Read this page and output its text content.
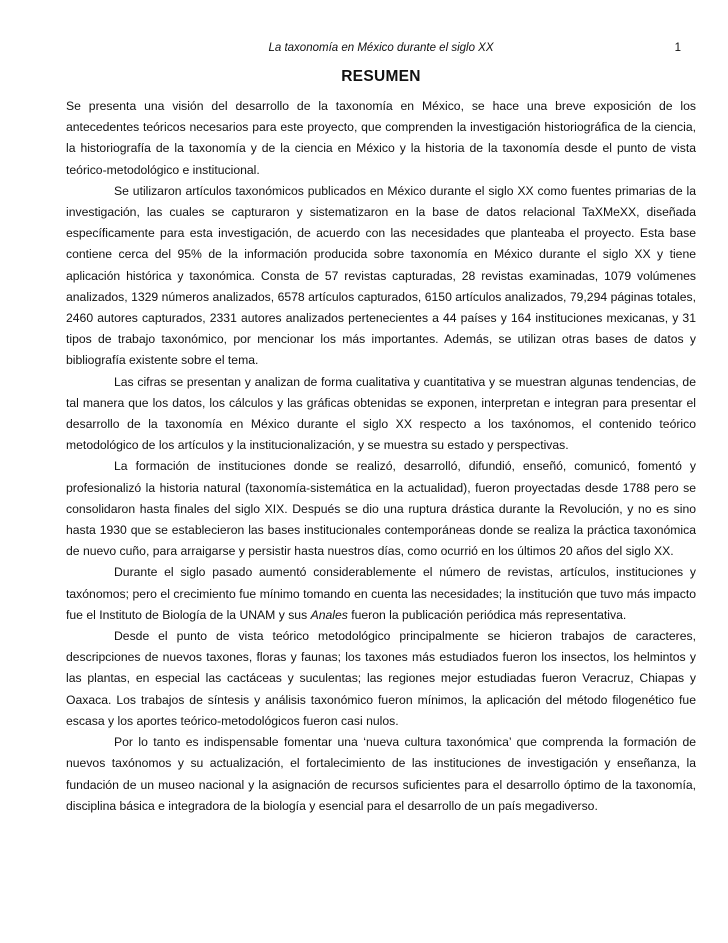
La taxonomía en México durante el siglo XX	1
RESUMEN

Se presenta una visión del desarrollo de la taxonomía en México, se hace una breve exposición de los antecedentes teóricos necesarios para este proyecto, que comprenden la investigación historiográfica de la ciencia, la historiografía de la taxonomía y de la ciencia en México y la historia de la taxonomía desde el punto de vista teórico-metodológico e institucional.

Se utilizaron artículos taxonómicos publicados en México durante el siglo XX como fuentes primarias de la investigación, las cuales se capturaron y sistematizaron en la base de datos relacional TaXMeXX, diseñada específicamente para esta investigación, de acuerdo con las necesidades que planteaba el proyecto. Esta base contiene cerca del 95% de la información producida sobre taxonomía en México durante el siglo XX y tiene aplicación histórica y taxonómica. Consta de 57 revistas capturadas, 28 revistas examinadas, 1079 volúmenes analizados, 1329 números analizados, 6578 artículos capturados, 6150 artículos analizados, 79,294 páginas totales, 2460 autores capturados, 2331 autores analizados pertenecientes a 44 países y 164 instituciones mexicanas, y 31 tipos de trabajo taxonómico, por mencionar los más importantes. Además, se utilizan otras bases de datos y bibliografía existente sobre el tema.

Las cifras se presentan y analizan de forma cualitativa y cuantitativa y se muestran algunas tendencias, de tal manera que los datos, los cálculos y las gráficas obtenidas se exponen, interpretan e integran para presentar el desarrollo de la taxonomía en México durante el siglo XX respecto a los taxónomos, el contenido teórico metodológico de los artículos y la institucionalización, y se muestra su estado y perspectivas.

La formación de instituciones donde se realizó, desarrolló, difundió, enseñó, comunicó, fomentó y profesionalizó la historia natural (taxonomía-sistemática en la actualidad), fueron proyectadas desde 1788 pero se consolidaron hasta finales del siglo XIX. Después se dio una ruptura drástica durante la Revolución, y no es sino hasta 1930 que se establecieron las bases institucionales contemporáneas donde se realiza la práctica taxonómica de nuevo cuño, para arraigarse y persistir hasta nuestros días, como ocurrió en los últimos 20 años del siglo XX.

Durante el siglo pasado aumentó considerablemente el número de revistas, artículos, instituciones y taxónomos; pero el crecimiento fue mínimo tomando en cuenta las necesidades; la institución que tuvo más impacto fue el Instituto de Biología de la UNAM y sus Anales fueron la publicación periódica más representativa.

Desde el punto de vista teórico metodológico principalmente se hicieron trabajos de caracteres, descripciones de nuevos taxones, floras y faunas; los taxones más estudiados fueron los insectos, los helmintos y las plantas, en especial las cactáceas y suculentas; las regiones mejor estudiadas fueron Veracruz, Chiapas y Oaxaca. Los trabajos de síntesis y análisis taxonómico fueron mínimos, la aplicación del método filogenético fue escasa y los aportes teórico-metodológicos fueron casi nulos.

Por lo tanto es indispensable fomentar una ‘nueva cultura taxonómica’ que comprenda la formación de nuevos taxónomos y su actualización, el fortalecimiento de las instituciones de investigación y enseñanza, la fundación de un museo nacional y la asignación de recursos suficientes para el desarrollo óptimo de la taxonomía, disciplina básica e integradora de la biología y esencial para el desarrollo de un país megadiverso.
